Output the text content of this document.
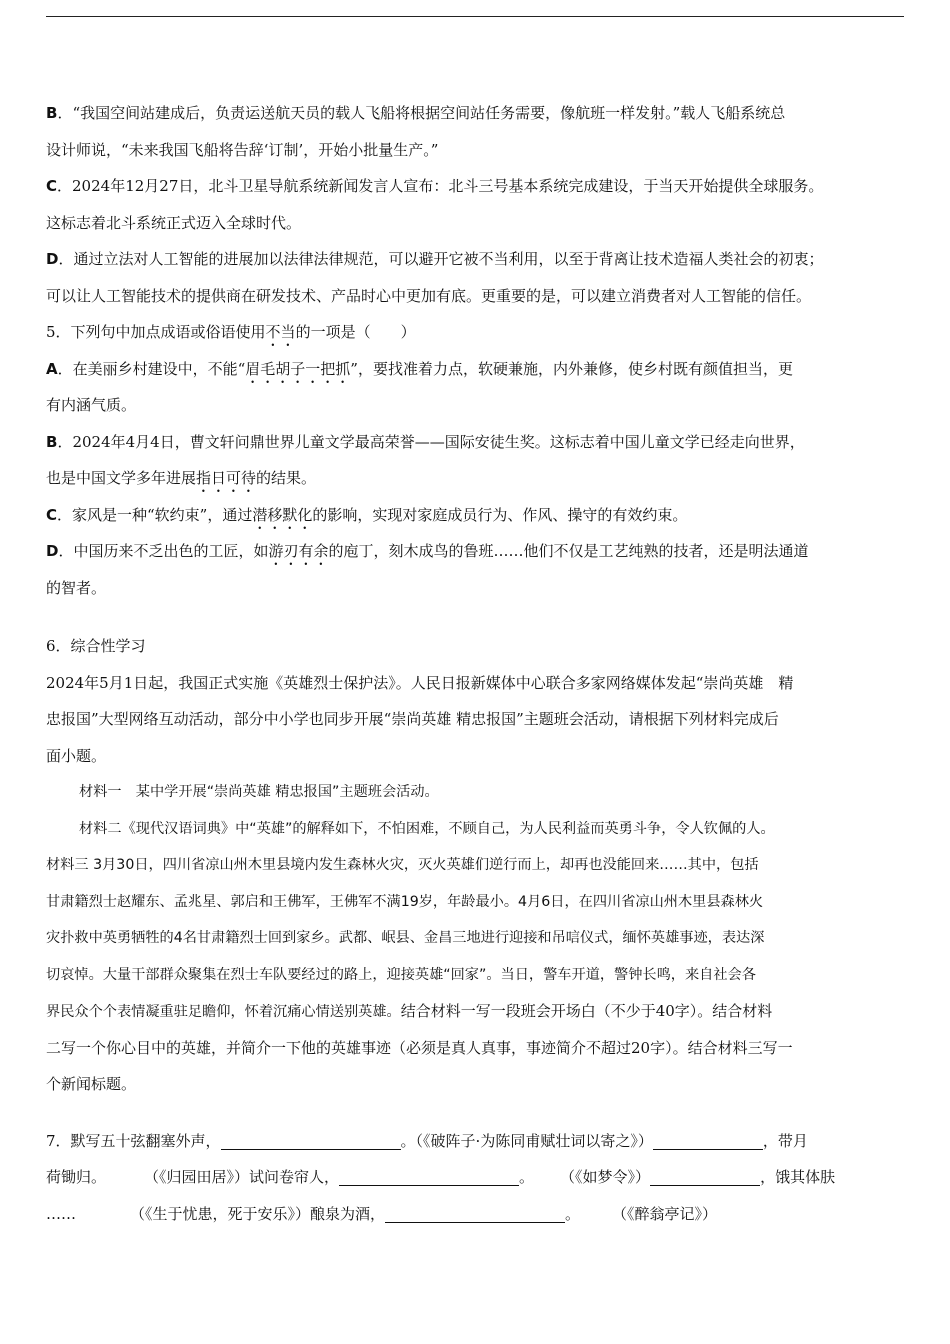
B．“我国空间站建成后，负责运送航天员的载人飞船将根据空间站任务需要，像航班一样发射。”载人飞船系统总
设计师说，“未来我国飞船将告辞‘订制’，开始小批量生产。”
C．2024年12月27日，北斗卫星导航系统新闻发言人宣布：北斗三号基本系统完成建设，于当天开始提供全球服务。
这标志着北斗系统正式迈入全球时代。
D．通过立法对人工智能的进展加以法律法律规范，可以避开它被不当利用，以至于背离让技术造福人类社会的初衷；
可以让人工智能技术的提供商在研发技术、产品时心中更加有底。更重要的是，可以建立消费者对人工智能的信任。
5．下列句中加点成语或俗语使用不当的一项是（　　）
A．在美丽乡村建设中，不能“眉毛胡子一把抓”，要找准着力点，软硬兼施，内外兼修，使乡村既有颜值担当，更
有内涵气质。
B．2024年4月4日，曹文轩问鼎世界儿童文学最高荣誉——国际安徒生奖。这标志着中国儿童文学已经走向世界，
也是中国文学多年进展指日可待的结果。
C．家风是一种“软约束”，通过潜移默化的影响，实现对家庭成员行为、作风、操守的有效约束。
D．中国历来不乏出色的工匠，如游刃有余的庖丁，刻木成鸟的鲁班……他们不仅是工艺纯熟的技者，还是明法通道
的智者。
6．综合性学习
2024年5月1日起，我国正式实施《英雄烈士保护法》。人民日报新媒体中心联合多家网络媒体发起“崇尚英雄　精
忠报国”大型网络互动活动，部分中小学也同步开展“崇尚英雄 精忠报国”主题班会活动，请根据下列材料完成后
面小题。
材料一　某中学开展“崇尚英雄 精忠报国”主题班会活动。
材料二《现代汉语词典》中“英雄”的解释如下，不怕困难，不顾自己，为人民利益而英勇斗争，令人钦佩的人。
材料三 3月30日，四川省凉山州木里县境内发生森林火灾，灭火英雄们逆行而上，却再也没能回来……其中，包括
甘肃籍烈士赵耀东、孟兆星、郭启和王佛军，王佛军不满19岁，年龄最小。4月6日，在四川省凉山州木里县森林火
灾扑救中英勇牺牲的4名甘肃籍烈士回到家乡。武都、岷县、金昌三地进行迎接和吊唁仪式，缅怀英雄事迹，表达深
切哀悼。大量干部群众聚集在烈士车队要经过的路上，迎接英雄“回家”。当日，警车开道，警钟长鸣，来自社会各
界民众个个表情凝重驻足瞻仰，怀着沉痛心情送别英雄。结合材料一写一段班会开场白（不少于40字）。结合材料
二写一个你心目中的英雄，并简介一下他的英雄事迹（必须是真人真事，事迹简介不超过20字）。结合材料三写一
个新闻标题。
7．默写五十弦翻塞外声，	。（《破阵子·为陈同甫赋壮词以寄之》）	，带月
荷锄归。	（《归园田居》）试问卷帘人，	。 （《如梦令》）	，饿其体肤
……	（《生于忧患，死于安乐》）酿泉为酒，	。 （《醉翁亭记》）
